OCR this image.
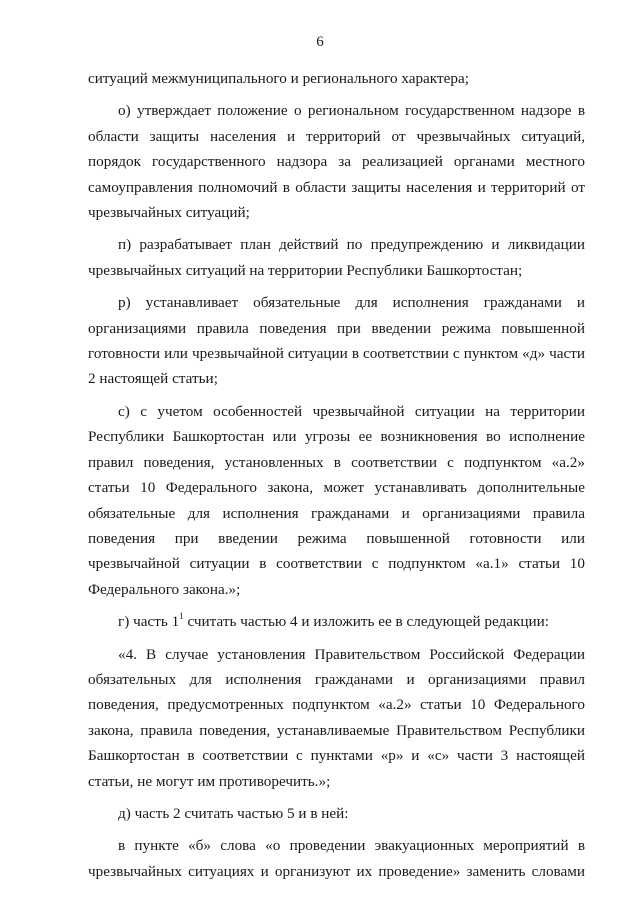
6

ситуаций межмуниципального и регионального характера;

о) утверждает положение о региональном государственном надзоре в области защиты населения и территорий от чрезвычайных ситуаций, порядок государственного надзора за реализацией органами местного самоуправления полномочий в области защиты населения и территорий от чрезвычайных ситуаций;

п) разрабатывает план действий по предупреждению и ликвидации чрезвычайных ситуаций на территории Республики Башкортостан;

р) устанавливает обязательные для исполнения гражданами и организациями правила поведения при введении режима повышенной готовности или чрезвычайной ситуации в соответствии с пунктом «д» части 2 настоящей статьи;

с) с учетом особенностей чрезвычайной ситуации на территории Республики Башкортостан или угрозы ее возникновения во исполнение правил поведения, установленных в соответствии с подпунктом «а.2» статьи 10 Федерального закона, может устанавливать дополнительные обязательные для исполнения гражданами и организациями правила поведения при введении режима повышенной готовности или чрезвычайной ситуации в соответствии с подпунктом «а.1» статьи 10 Федерального закона.»;

г) часть $1^1$ считать частью 4 и изложить ее в следующей редакции:

«4. В случае установления Правительством Российской Федерации обязательных для исполнения гражданами и организациями правил поведения, предусмотренных подпунктом «а.2» статьи 10 Федерального закона, правила поведения, устанавливаемые Правительством Республики Башкортостан в соответствии с пунктами «р» и «с» части 3 настоящей статьи, не могут им противоречить.»;

д) часть 2 считать частью 5 и в ней:

в пункте «б» слова «о проведении эвакуационных мероприятий в чрезвычайных ситуациях и организуют их проведение» заменить словами
